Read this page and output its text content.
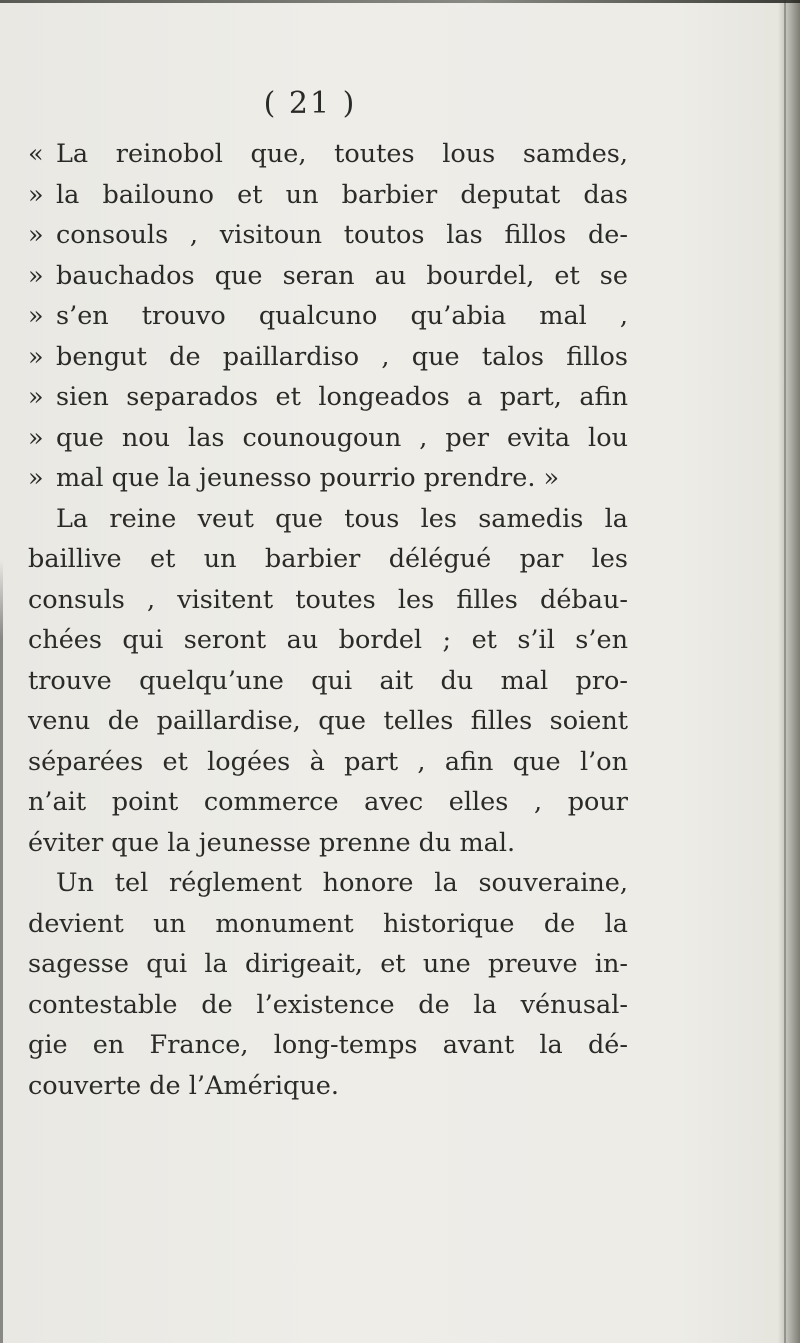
( 21 )
« La reinobol que, toutes lous samdes,
» la bailouno et un barbier deputat das
» consouls , visitoun toutos las fillos de-
» bauchados que seran au bourdel, et se
» s’en trouvo qualcuno qu’abia mal ,
» bengut de paillardiso , que talos fillos
» sien separados et longeados a part, afin
» que nou las counougoun , per evita lou
» mal que la jeunesso pourrio prendre. »
La reine veut que tous les samedis la
baillive et un barbier délégué par les
consuls , visitent toutes les filles débau-
chées qui seront au bordel ; et s’il s’en
trouve quelqu’une qui ait du mal pro-
venu de paillardise, que telles filles soient
séparées et logées à part , afin que l’on
n’ait point commerce avec elles , pour
éviter que la jeunesse prenne du mal.
Un tel réglement honore la souveraine,
devient un monument historique de la
sagesse qui la dirigeait, et une preuve in-
contestable de l’existence de la vénusal-
gie en France, long-temps avant la dé-
couverte de l’Amérique.
